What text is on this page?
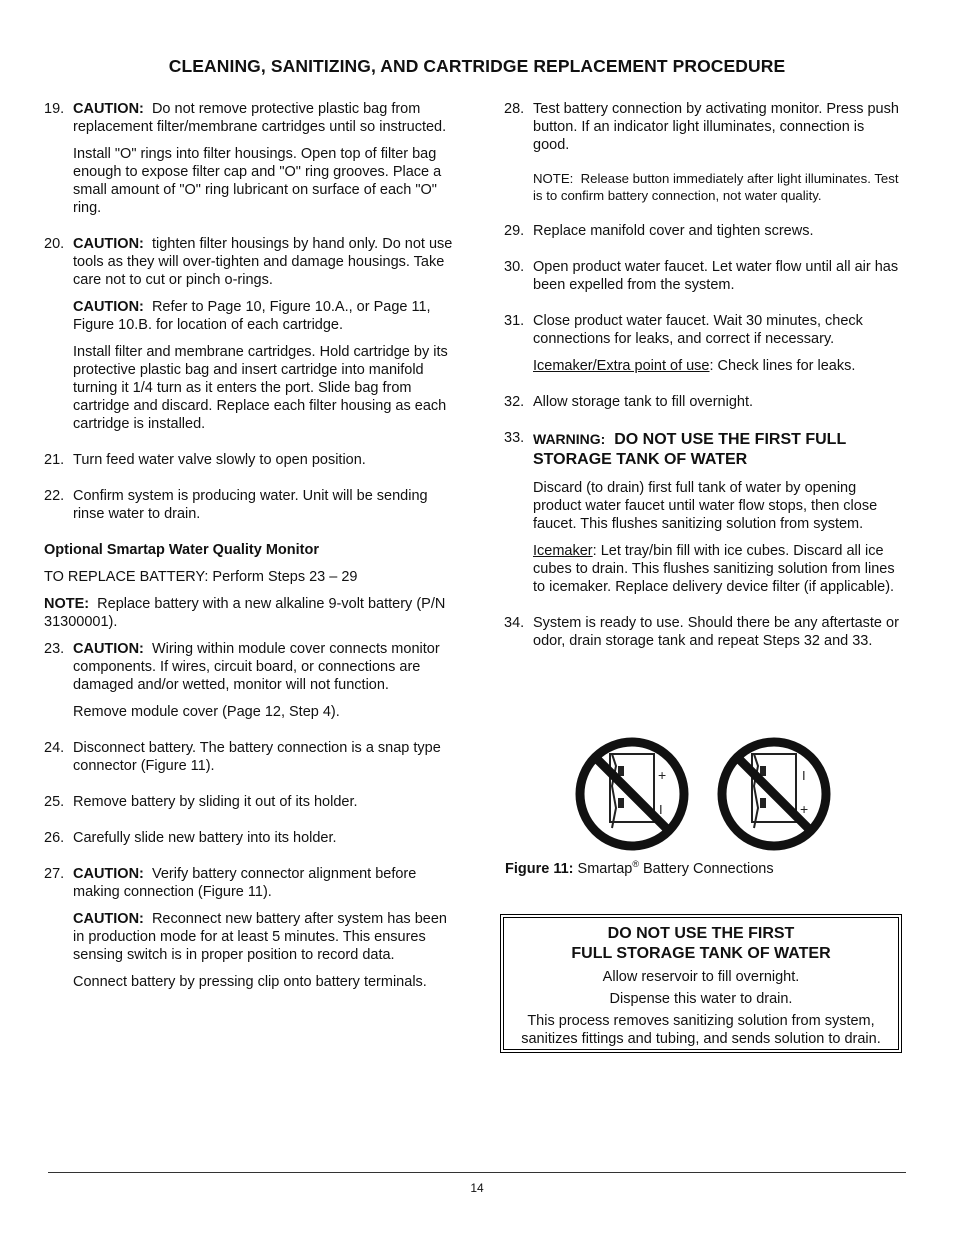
CLEANING, SANITIZING, AND CARTRIDGE REPLACEMENT PROCEDURE
19. CAUTION: Do not remove protective plastic bag from replacement filter/membrane cartridges until so instructed.

Install "O" rings into filter housings. Open top of filter bag enough to expose filter cap and "O" ring grooves. Place a small amount of "O" ring lubricant on surface of each "O" ring.

20. CAUTION: tighten filter housings by hand only. Do not use tools as they will over-tighten and damage housings. Take care not to cut or pinch o-rings.

CAUTION: Refer to Page 10, Figure 10.A., or Page 11, Figure 10.B. for location of each cartridge.

Install filter and membrane cartridges. Hold cartridge by its protective plastic bag and insert cartridge into manifold turning it 1/4 turn as it enters the port. Slide bag from cartridge and discard. Replace each filter housing as each cartridge is installed.

21. Turn feed water valve slowly to open position.

22. Confirm system is producing water. Unit will be sending rinse water to drain.

Optional Smartap Water Quality Monitor

TO REPLACE BATTERY: Perform Steps 23 – 29

NOTE: Replace battery with a new alkaline 9-volt battery (P/N 31300001).

23. CAUTION: Wiring within module cover connects monitor components. If wires, circuit board, or connections are damaged and/or wetted, monitor will not function.

Remove module cover (Page 12, Step 4).

24. Disconnect battery. The battery connection is a snap type connector (Figure 11).

25. Remove battery by sliding it out of its holder.

26. Carefully slide new battery into its holder.

27. CAUTION: Verify battery connector alignment before making connection (Figure 11).

CAUTION: Reconnect new battery after system has been in production mode for at least 5 minutes. This ensures sensing switch is in proper position to record data.

Connect battery by pressing clip onto battery terminals.

28. Test battery connection by activating monitor. Press push button. If an indicator light illuminates, connection is good.

NOTE: Release button immediately after light illuminates. Test is to confirm battery connection, not water quality.

29. Replace manifold cover and tighten screws.

30. Open product water faucet. Let water flow until all air has been expelled from the system.

31. Close product water faucet. Wait 30 minutes, check connections for leaks, and correct if necessary.

Icemaker/Extra point of use: Check lines for leaks.

32. Allow storage tank to fill overnight.

33. WARNING: DO NOT USE THE FIRST FULL STORAGE TANK OF WATER

Discard (to drain) first full tank of water by opening product water faucet until water flow stops, then close faucet. This flushes sanitizing solution from system.

Icemaker: Let tray/bin fill with ice cubes. Discard all ice cubes to drain. This flushes sanitizing solution from lines to icemaker. Replace delivery device filter (if applicable).

34. System is ready to use. Should there be any aftertaste or odor, drain storage tank and repeat Steps 32 and 33.

+
I
I
+
Figure 11: Smartap® Battery Connections
DO NOT USE THE FIRST
FULL STORAGE TANK OF WATER

Allow reservoir to fill overnight.

Dispense this water to drain.

This process removes sanitizing solution from system, sanitizes fittings and tubing, and sends solution to drain.

14
